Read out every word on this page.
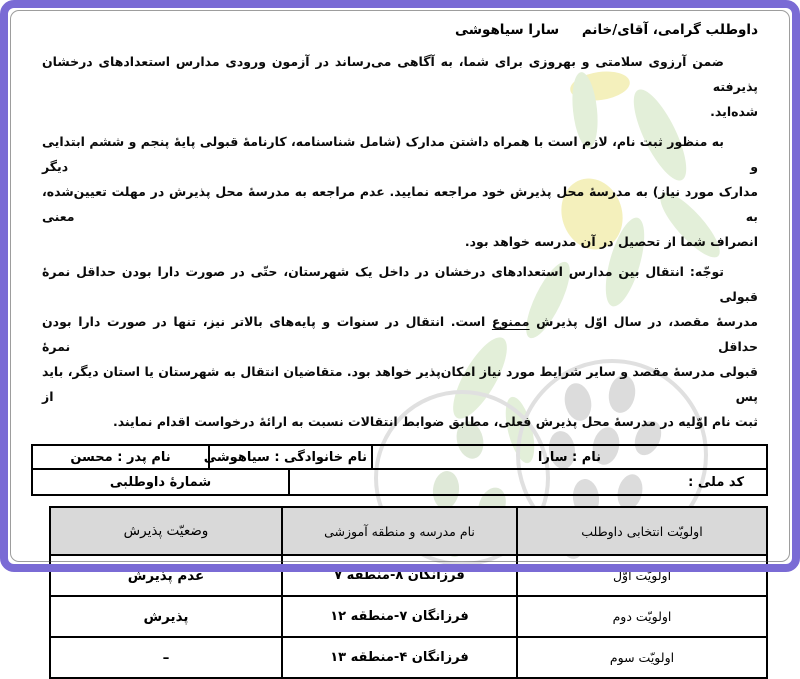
داوطلب گرامی، آقای/خانم سارا سیاهوشی
ضمن آرزوی سلامتی و بهروزی برای شما، به آگاهی می‌رساند در آزمون ورودی مدارس استعدادهای درخشان پذیرفته
شده‌اید.
به منظور ثبت نام، لازم است با همراه داشتن مدارک (شامل شناسنامه، کارنامهٔ قبولی پایهٔ پنجم و ششم ابتدایی و دیگر
مدارک مورد نیاز) به مدرسهٔ محل پذیرش خود مراجعه نمایید. عدم مراجعه به مدرسهٔ محل پذیرش در مهلت تعیین‌شده، به معنی
انصراف شما از تحصیل در آن مدرسه خواهد بود.
توجّه: انتقال بین مدارس استعدادهای درخشان در داخل یک شهرستان، حتّی در صورت دارا بودن حداقل نمرهٔ قبولی
مدرسهٔ مقصد، در سال اوّل پذیرش ممنوع است. انتقال در سنوات و پایه‌های بالاتر نیز، تنها در صورت دارا بودن حداقل نمرهٔ
قبولی مدرسهٔ مقصد و سایر شرایط مورد نیاز امکان‌پذیر خواهد بود. متقاضیان انتقال به شهرستان یا استان دیگر، باید پس از
ثبت نام اوّلیه در مدرسهٔ محل پذیرش فعلی، مطابق ضوابط انتقالات نسبت به ارائهٔ درخواست اقدام نمایند.
نام : سارا	نام خانوادگی : سیاهوشی	نام پدر : محسن
کد ملی :	شمارهٔ داوطلبی
اولویّت انتخابی داوطلب	نام مدرسه و منطقه آموزشی	وضعیّت پذیرش
اولویّت اوّل	فرزانگان ۸-منطقه ۷	عدم پذیرش
اولویّت دوم	فرزانگان ۷-منطقه ۱۲	پذیرش
اولویّت سوم	فرزانگان ۴-منطقه ۱۳	–
